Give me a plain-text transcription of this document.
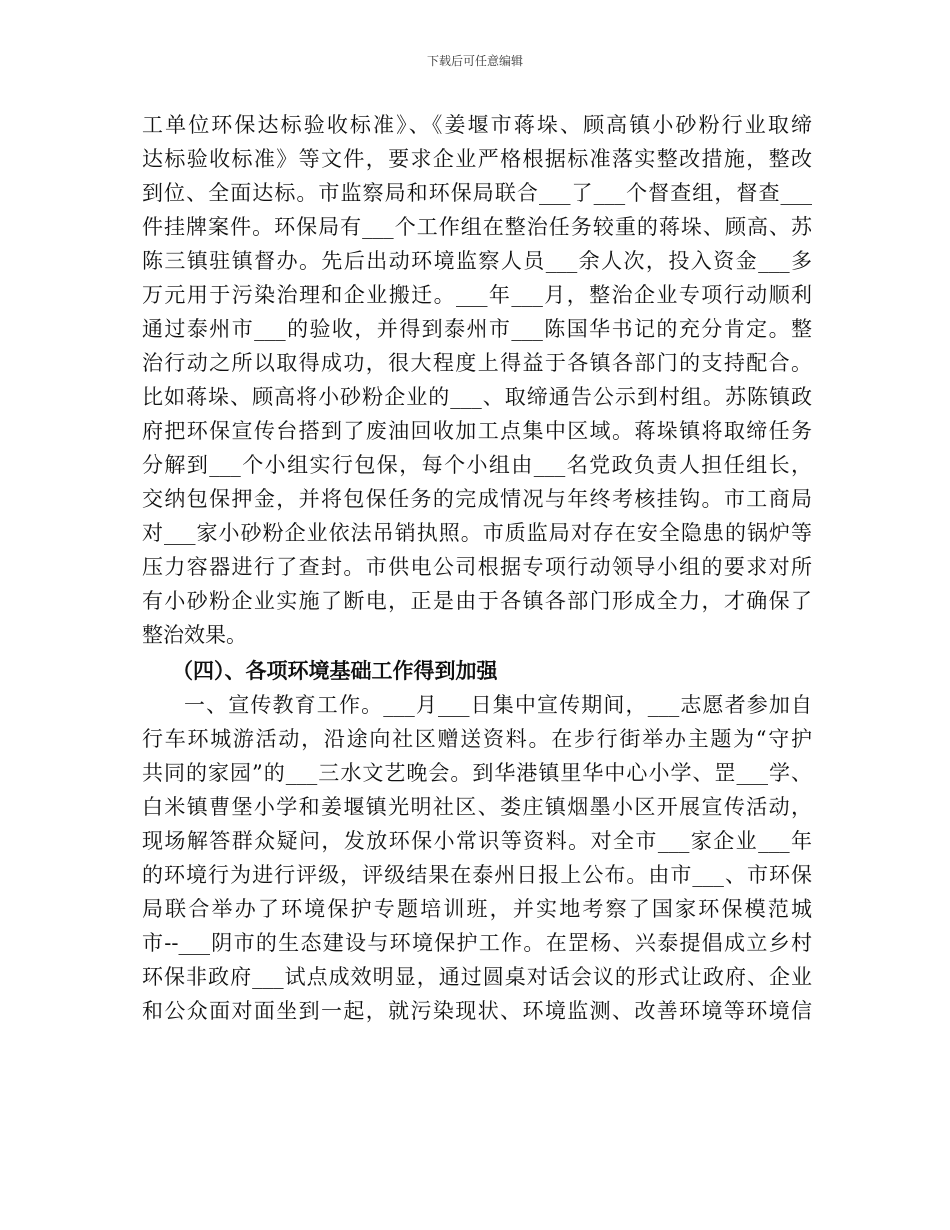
下载后可任意编辑
工单位环保达标验收标准》、《姜堰市蒋垛、顾高镇小砂粉行业取缔
达标验收标准》等文件，要求企业严格根据标准落实整改措施，整改
到位、全面达标。市监察局和环保局联合___了___个督查组，督查___
件挂牌案件。环保局有___个工作组在整治任务较重的蒋垛、顾高、苏
陈三镇驻镇督办。先后出动环境监察人员___余人次，投入资金___多
万元用于污染治理和企业搬迁。___年___月，整治企业专项行动顺利
通过泰州市___的验收，并得到泰州市___陈国华书记的充分肯定。整
治行动之所以取得成功，很大程度上得益于各镇各部门的支持配合。
比如蒋垛、顾高将小砂粉企业的___、取缔通告公示到村组。苏陈镇政
府把环保宣传台搭到了废油回收加工点集中区域。蒋垛镇将取缔任务
分解到___个小组实行包保，每个小组由___名党政负责人担任组长，
交纳包保押金，并将包保任务的完成情况与年终考核挂钩。市工商局
对___家小砂粉企业依法吊销执照。市质监局对存在安全隐患的锅炉等
压力容器进行了查封。市供电公司根据专项行动领导小组的要求对所
有小砂粉企业实施了断电，正是由于各镇各部门形成全力，才确保了
整治效果。
（四）、各项环境基础工作得到加强
一、宣传教育工作。___月___日集中宣传期间，___志愿者参加自
行车环城游活动，沿途向社区赠送资料。在步行街举办主题为“守护
共同的家园”的___三水文艺晚会。到华港镇里华中心小学、罡___学、
白米镇曹堡小学和姜堰镇光明社区、娄庄镇烟墨小区开展宣传活动，
现场解答群众疑问，发放环保小常识等资料。对全市___家企业___年
的环境行为进行评级，评级结果在泰州日报上公布。由市___、市环保
局联合举办了环境保护专题培训班，并实地考察了国家环保模范城
市--___阴市的生态建设与环境保护工作。在罡杨、兴泰提倡成立乡村
环保非政府___试点成效明显，通过圆桌对话会议的形式让政府、企业
和公众面对面坐到一起，就污染现状、环境监测、改善环境等环境信
